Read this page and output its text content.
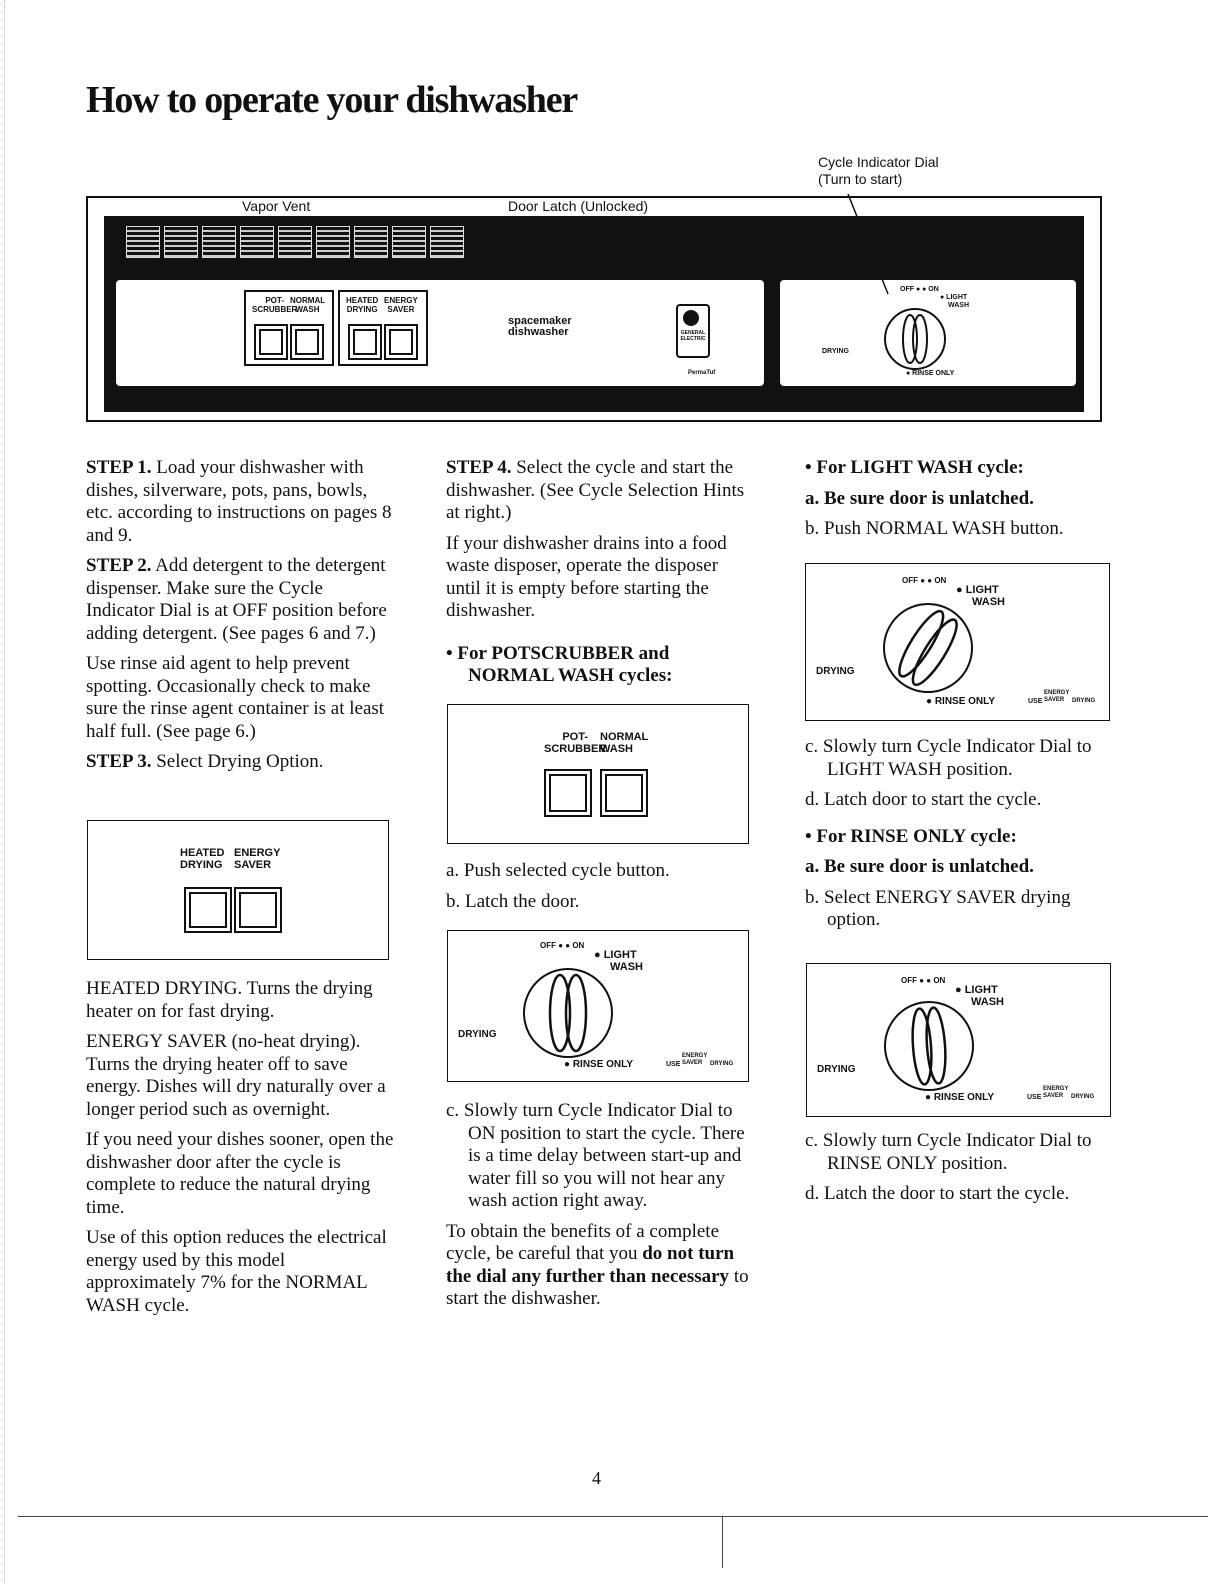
How to operate your dishwasher
Cycle Indicator Dial
(Turn to start)
Vapor Vent	Door Latch (Unlocked)
POT-
SCRUBBER
NORMAL
WASH
HEATED
DRYING
ENERGY
SAVER
spacemaker
dishwasher	GENERAL ELECTRIC
PermaTuf
OFF ● ● ON
● LIGHT
WASH
DRYING
● RINSE ONLY

STEP 1. Load your dishwasher with dishes, silverware, pots, pans, bowls, etc. according to instructions on pages 8 and 9.

STEP 2. Add detergent to the detergent dispenser. Make sure the Cycle Indicator Dial is at OFF position before adding detergent. (See pages 6 and 7.)

Use rinse aid agent to help prevent spotting. Occasionally check to make sure the rinse agent container is at least half full. (See page 6.)

STEP 3. Select Drying Option.

HEATED
DRYING
ENERGY
SAVER

HEATED DRYING. Turns the drying heater on for fast drying.

ENERGY SAVER (no-heat drying). Turns the drying heater off to save energy. Dishes will dry naturally over a longer period such as overnight.

If you need your dishes sooner, open the dishwasher door after the cycle is complete to reduce the natural drying time.

Use of this option reduces the electrical energy used by this model approximately 7% for the NORMAL WASH cycle.

STEP 4. Select the cycle and start the dishwasher. (See Cycle Selection Hints at right.)

If your dishwasher drains into a food waste disposer, operate the disposer until it is empty before starting the dishwasher.

• For POTSCRUBBER and NORMAL WASH cycles:

POT-
SCRUBBER
NORMAL
WASH

a. Push selected cycle button.

b. Latch the door.

OFF ● ● ON
● LIGHT
WASH
DRYING
● RINSE ONLY	USE
ENERGY
SAVER	DRYING

c. Slowly turn Cycle Indicator Dial to ON position to start the cycle. There is a time delay between start-up and water fill so you will not hear any wash action right away.

To obtain the benefits of a complete cycle, be careful that you do not turn the dial any further than necessary to start the dishwasher.

• For LIGHT WASH cycle:

a. Be sure door is unlatched.

b. Push NORMAL WASH button.

OFF ● ● ON
● LIGHT
WASH
DRYING
● RINSE ONLY	USE
ENERGY
SAVER	DRYING

c. Slowly turn Cycle Indicator Dial to LIGHT WASH position.

d. Latch door to start the cycle.

• For RINSE ONLY cycle:

a. Be sure door is unlatched.

b. Select ENERGY SAVER drying option.

OFF ● ● ON
● LIGHT
WASH
DRYING
● RINSE ONLY	USE
ENERGY
SAVER	DRYING

c. Slowly turn Cycle Indicator Dial to RINSE ONLY position.

d. Latch the door to start the cycle.

4
